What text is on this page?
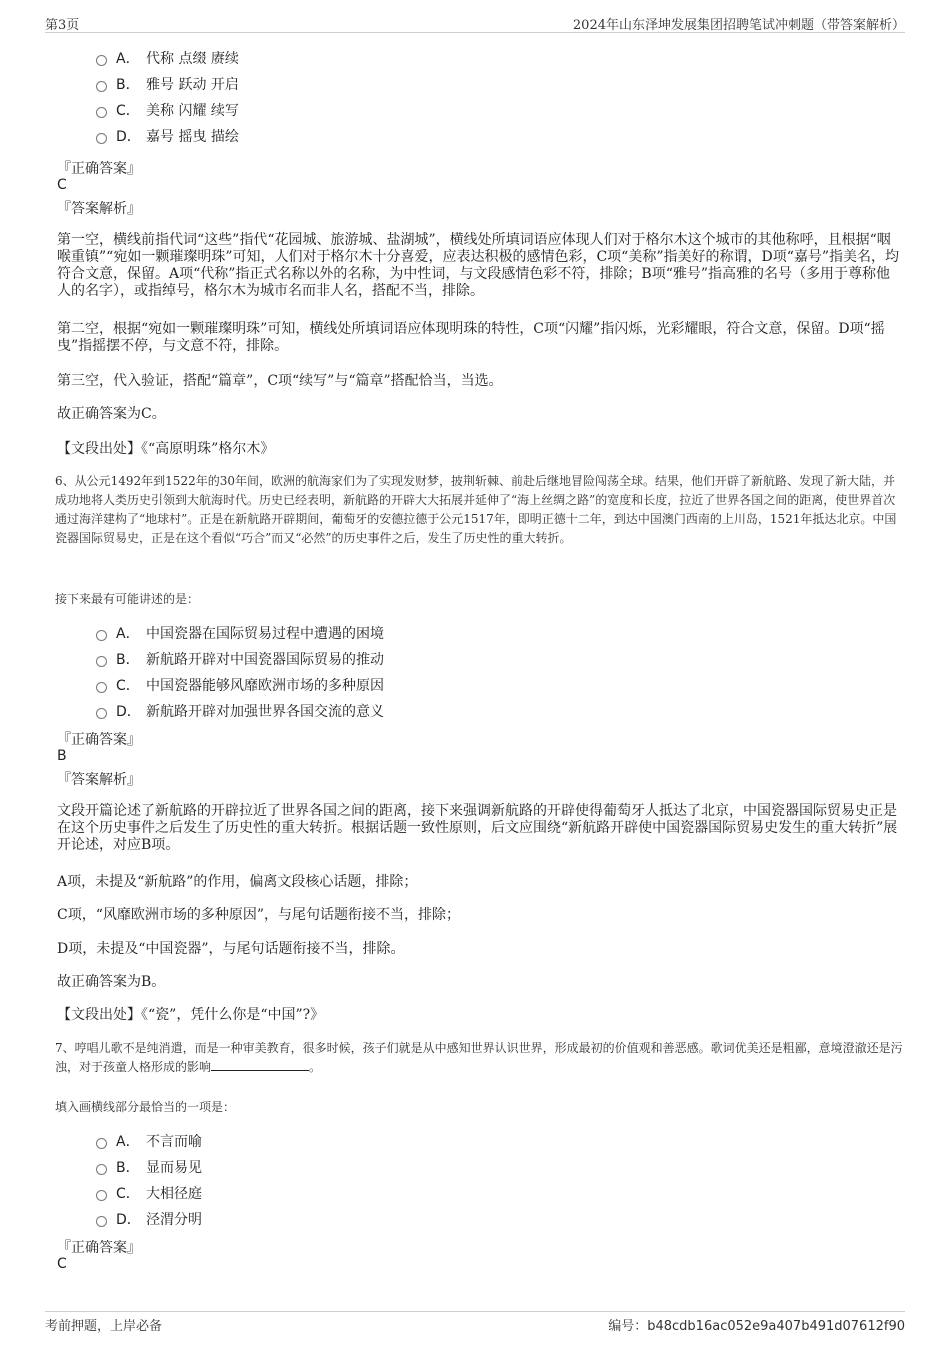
第3页	2024年山东泽坤发展集团招聘笔试冲刺题（带答案解析）
A． 代称 点缀 赓续
B． 雅号 跃动 开启
C． 美称 闪耀 续写
D． 嘉号 摇曳 描绘
『正确答案』
C
『答案解析』
第一空，横线前指代词“这些”指代“花园城、旅游城、盐湖城”，横线处所填词语应体现人们对于格尔木这个城市的其他称呼，且根据“咽喉重镇”“宛如一颗璀璨明珠”可知，人们对于格尔木十分喜爱，应表达积极的感情色彩，C项“美称”指美好的称谓，D项“嘉号”指美名，均符合文意，保留。A项“代称”指正式名称以外的名称，为中性词，与文段感情色彩不符，排除；B项“雅号”指高雅的名号（多用于尊称他人的名字），或指绰号，格尔木为城市名而非人名，搭配不当，排除。
第二空，根据“宛如一颗璀璨明珠”可知，横线处所填词语应体现明珠的特性，C项“闪耀”指闪烁，光彩耀眼，符合文意，保留。D项“摇曳”指摇摆不停，与文意不符，排除。
第三空，代入验证，搭配“篇章”，C项“续写”与“篇章”搭配恰当，当选。
故正确答案为C。
【文段出处】《“高原明珠”格尔木》
6、从公元1492年到1522年的30年间，欧洲的航海家们为了实现发财梦，披荆斩棘、前赴后继地冒险闯荡全球。结果，他们开辟了新航路、发现了新大陆，并成功地将人类历史引领到大航海时代。历史已经表明，新航路的开辟大大拓展并延伸了“海上丝绸之路”的宽度和长度，拉近了世界各国之间的距离，使世界首次通过海洋建构了“地球村”。正是在新航路开辟期间，葡萄牙的安德拉德于公元1517年，即明正德十二年，到达中国澳门西南的上川岛，1521年抵达北京。中国瓷器国际贸易史，正是在这个看似“巧合”而又“必然”的历史事件之后，发生了历史性的重大转折。
接下来最有可能讲述的是：
A． 中国瓷器在国际贸易过程中遭遇的困境
B． 新航路开辟对中国瓷器国际贸易的推动
C． 中国瓷器能够风靡欧洲市场的多种原因
D． 新航路开辟对加强世界各国交流的意义
『正确答案』
B
『答案解析』
文段开篇论述了新航路的开辟拉近了世界各国之间的距离，接下来强调新航路的开辟使得葡萄牙人抵达了北京，中国瓷器国际贸易史正是在这个历史事件之后发生了历史性的重大转折。根据话题一致性原则，后文应围绕“新航路开辟使中国瓷器国际贸易史发生的重大转折”展开论述，对应B项。
A项，未提及“新航路”的作用，偏离文段核心话题，排除；
C项，“风靡欧洲市场的多种原因”，与尾句话题衔接不当，排除；
D项，未提及“中国瓷器”，与尾句话题衔接不当，排除。
故正确答案为B。
【文段出处】《“瓷”，凭什么你是“中国”?》
7、哼唱儿歌不是纯消遣，而是一种审美教育，很多时候，孩子们就是从中感知世界认识世界，形成最初的价值观和善恶感。歌词优美还是粗鄙，意境澄澈还是污浊，对于孩童人格形成的影响	。
填入画横线部分最恰当的一项是：
A． 不言而喻
B． 显而易见
C． 大相径庭
D． 泾渭分明
『正确答案』
C
考前押题，上岸必备	编号：b48cdb16ac052e9a407b491d07612f90
